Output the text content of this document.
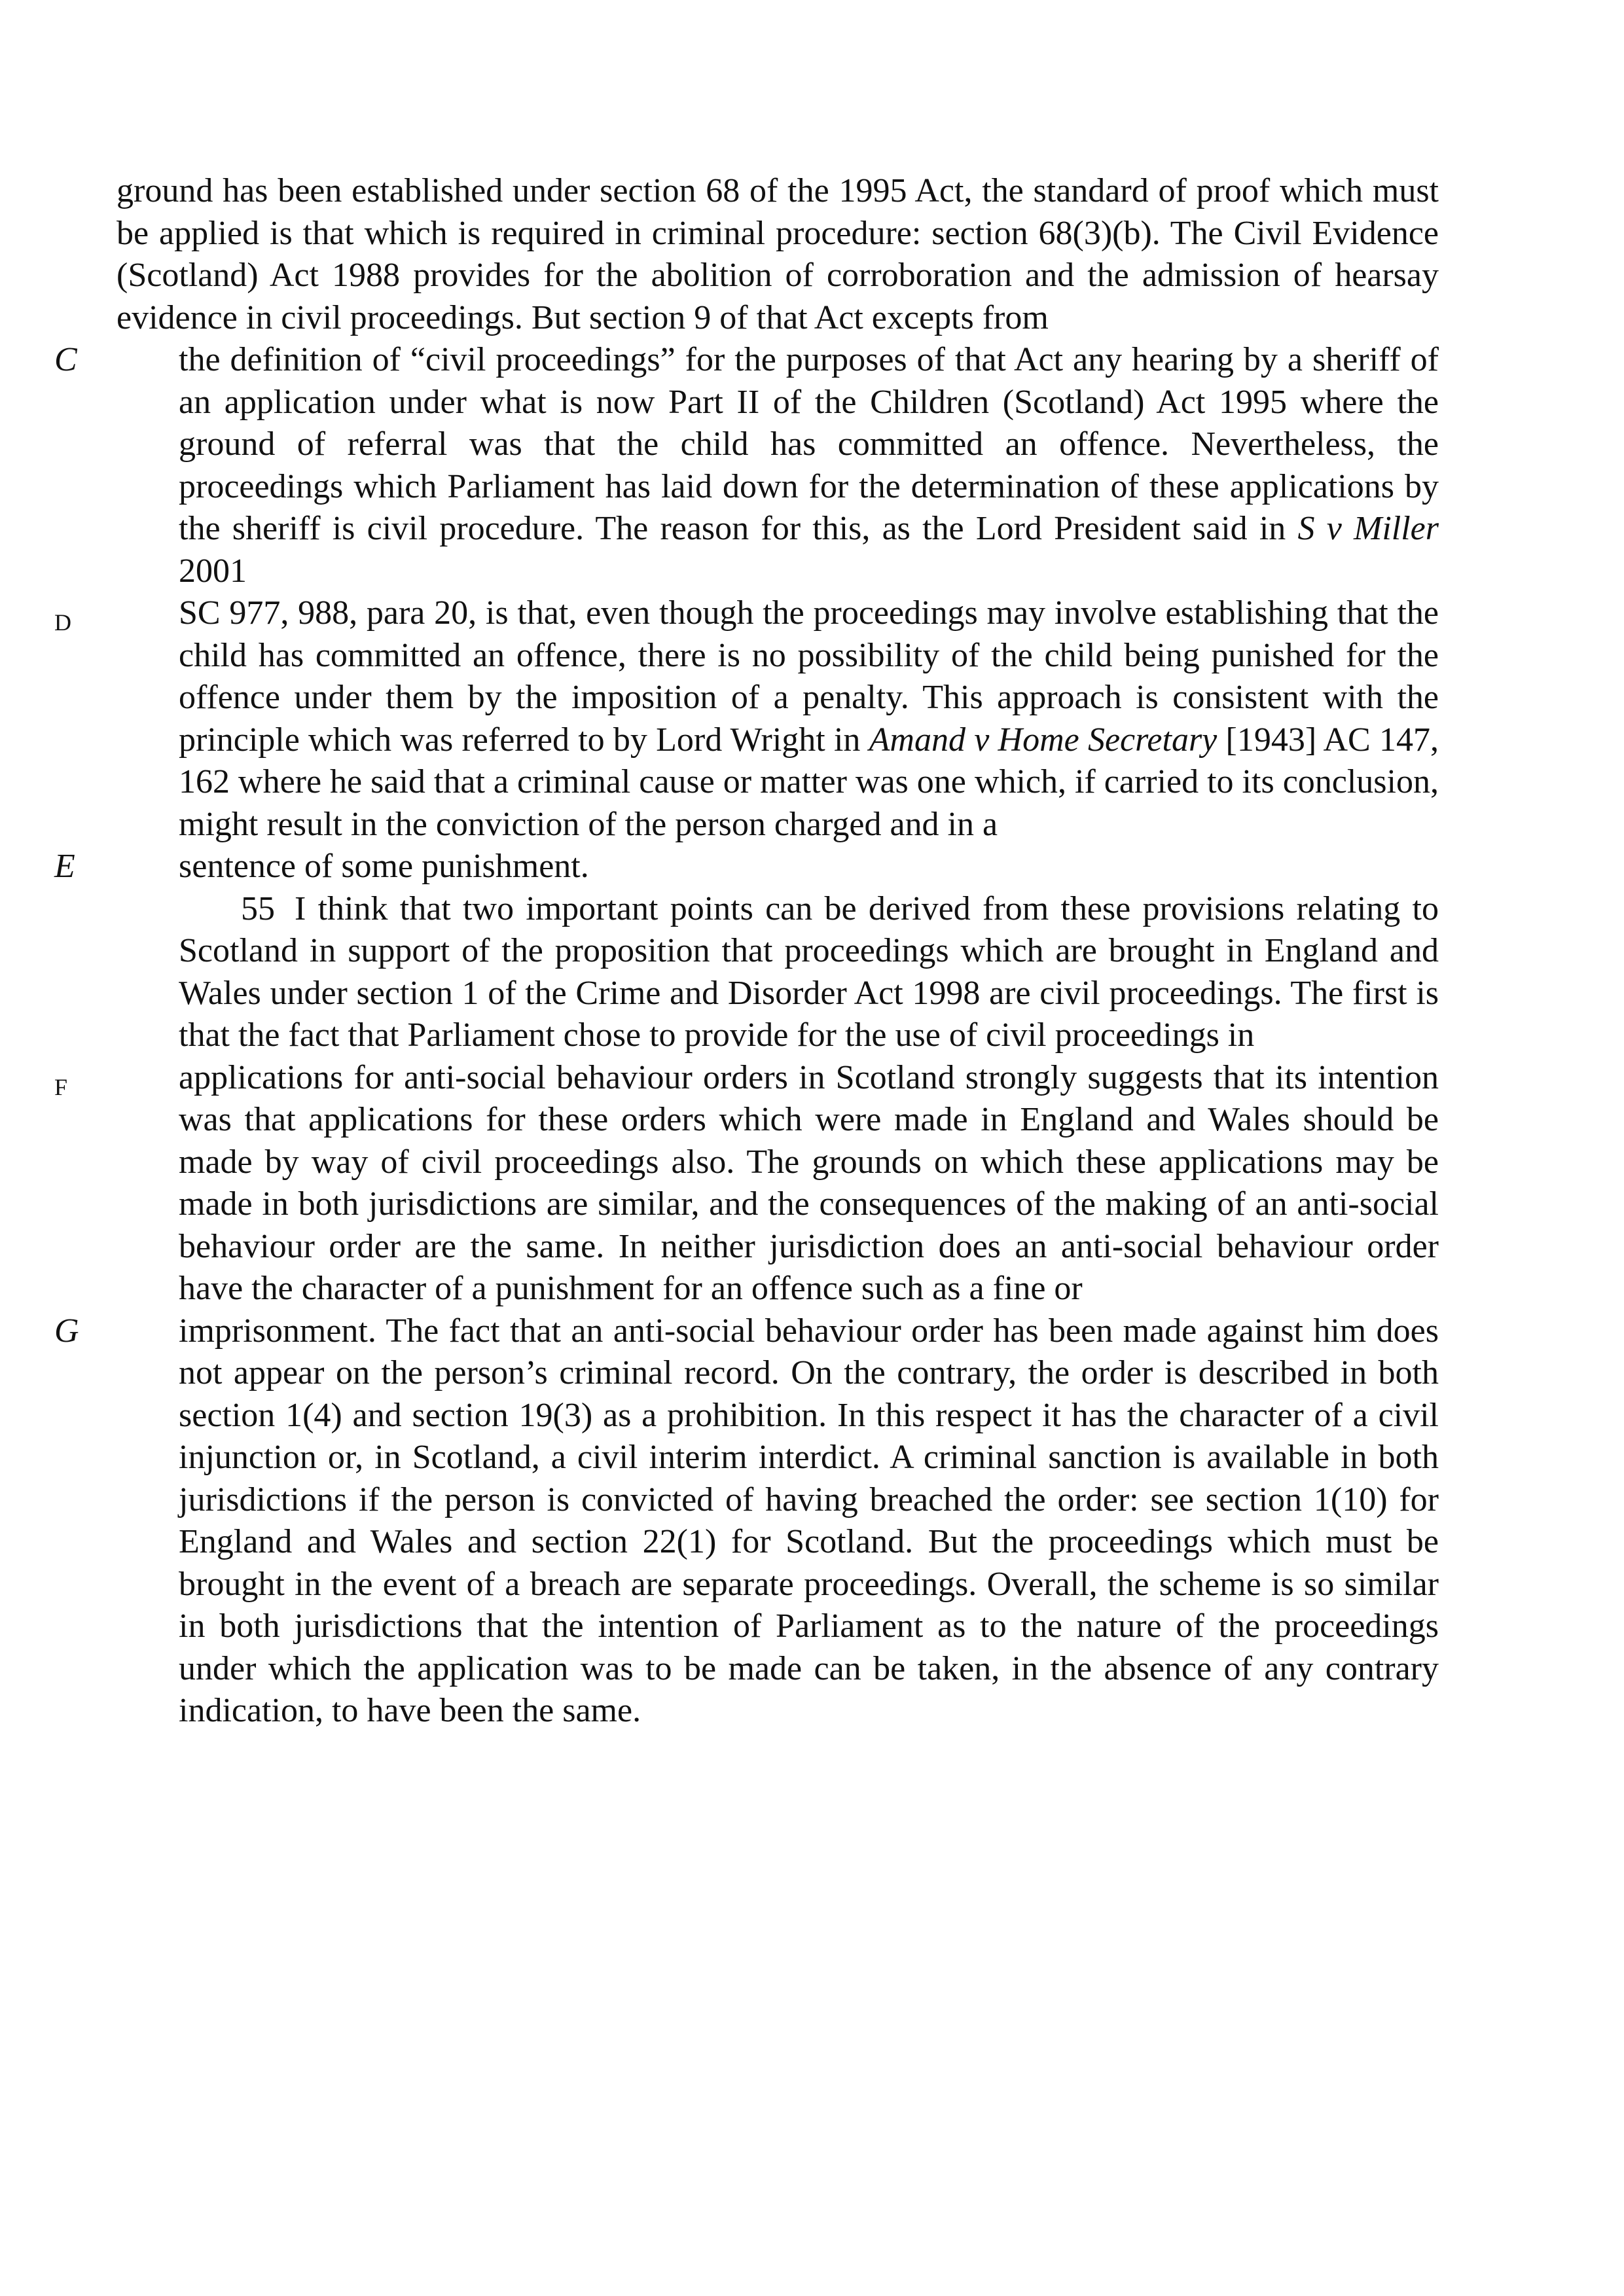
ground has been established under section 68 of the 1995 Act, the standard of proof which must be applied is that which is required in criminal procedure: section 68(3)(b). The Civil Evidence (Scotland) Act 1988 provides for the abolition of corroboration and the admission of hearsay evidence in civil proceedings. But section 9 of that Act excepts from

C	the definition of “civil proceedings” for the purposes of that Act any hearing by a sheriff of an application under what is now Part II of the Children (Scotland) Act 1995 where the ground of referral was that the child has committed an offence. Nevertheless, the proceedings which Parliament has laid down for the determination of these applications by the sheriff is civil procedure. The reason for this, as the Lord President said in S v Miller 2001

D	SC 977, 988, para 20, is that, even though the proceedings may involve establishing that the child has committed an offence, there is no possibility of the child being punished for the offence under them by the imposition of a penalty. This approach is consistent with the principle which was referred to by Lord Wright in Amand v Home Secretary [1943] AC 147, 162 where he said that a criminal cause or matter was one which, if carried to its conclusion, might result in the conviction of the person charged and in a

E	sentence of some punishment.

55 I think that two important points can be derived from these provisions relating to Scotland in support of the proposition that proceedings which are brought in England and Wales under section 1 of the Crime and Disorder Act 1998 are civil proceedings. The first is that the fact that Parliament chose to provide for the use of civil proceedings in

F	applications for anti-social behaviour orders in Scotland strongly suggests that its intention was that applications for these orders which were made in England and Wales should be made by way of civil proceedings also. The grounds on which these applications may be made in both jurisdictions are similar, and the consequences of the making of an anti-social behaviour order are the same. In neither jurisdiction does an anti-social behaviour order have the character of a punishment for an offence such as a fine or

G	imprisonment. The fact that an anti-social behaviour order has been made against him does not appear on the person’s criminal record. On the contrary, the order is described in both section 1(4) and section 19(3) as a prohibition. In this respect it has the character of a civil injunction or, in Scotland, a civil interim interdict. A criminal sanction is available in both jurisdictions if the person is convicted of having breached the order: see section 1(10) for England and Wales and section 22(1) for Scotland. But the proceedings which must be brought in the event of a breach are separate proceedings. Overall, the scheme is so similar in both jurisdictions that the intention of Parliament as to the nature of the proceedings under which the application was to be made can be taken, in the absence of any contrary indication, to have been the same.
